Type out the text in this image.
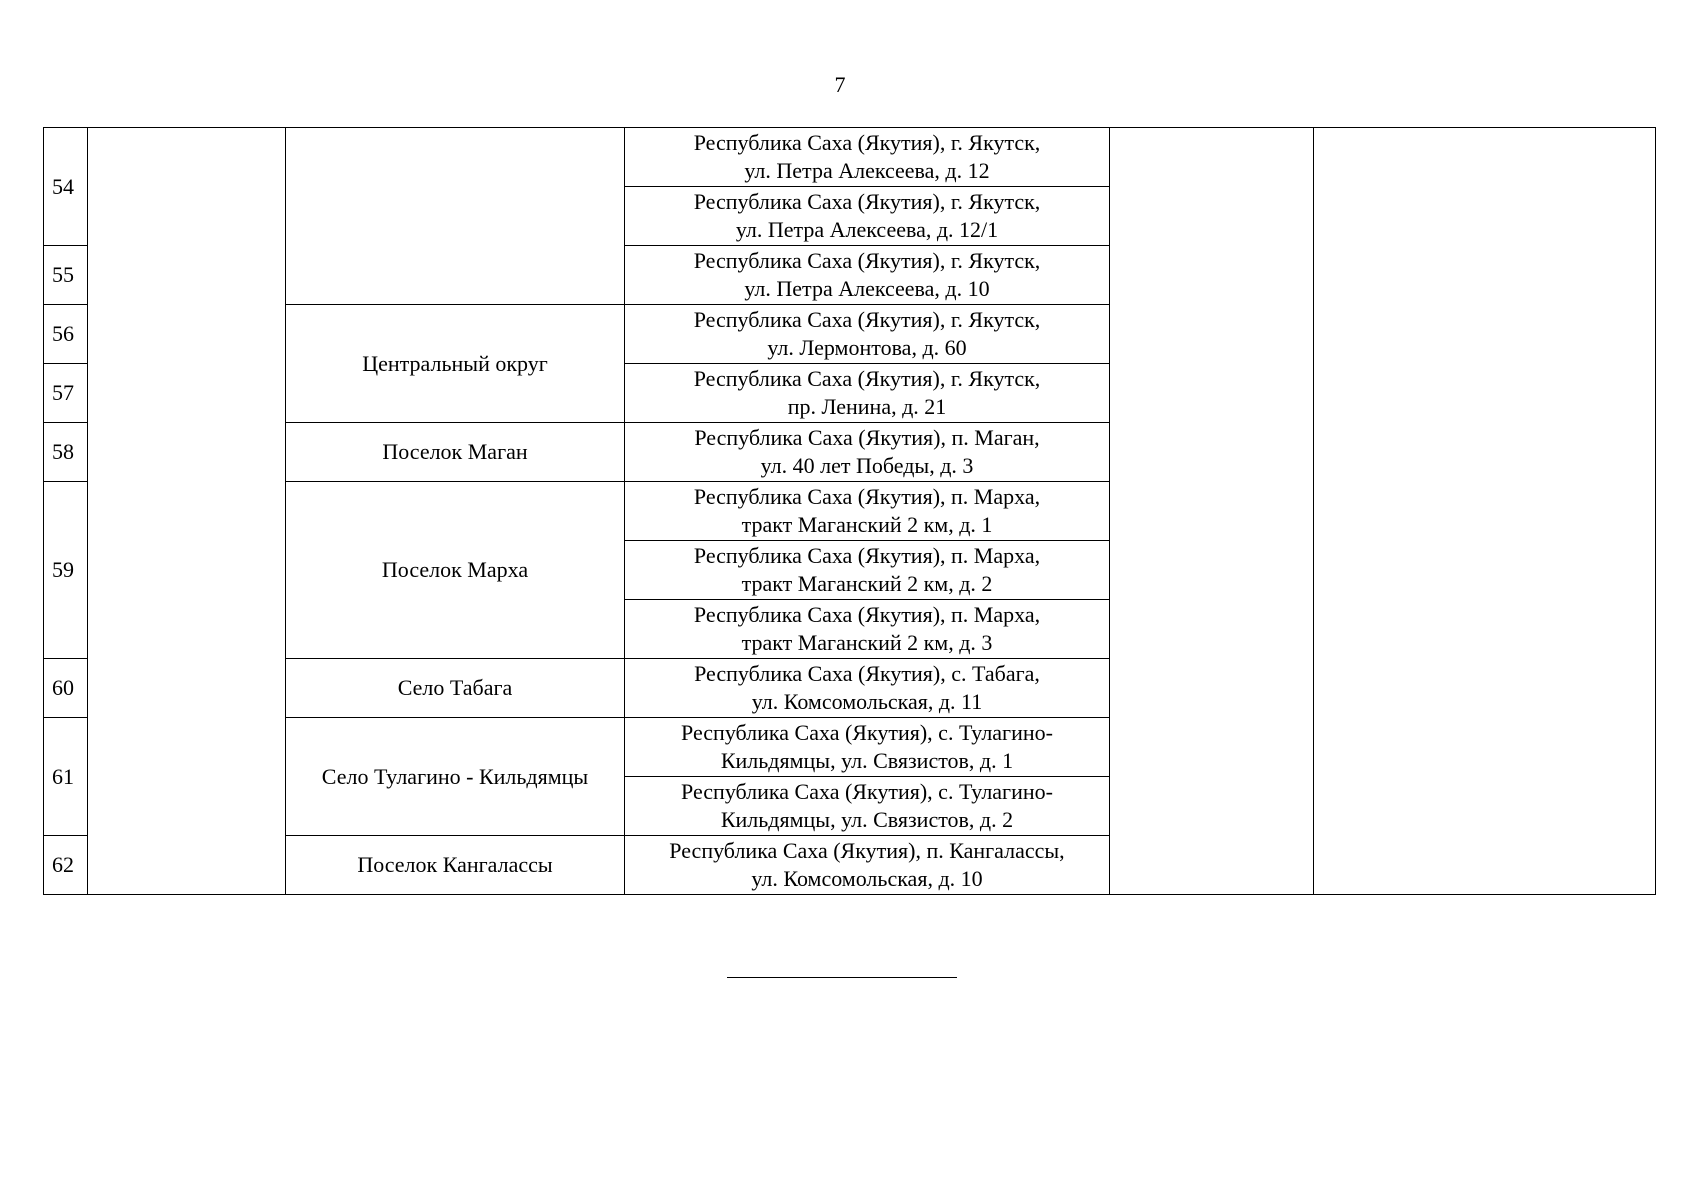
7
54			Республика Саха (Якутия), г. Якутск,
ул. Петра Алексеева, д. 12		

			Республика Саха (Якутия), г. Якутск,
ул. Петра Алексеева, д. 12/1		

55			Республика Саха (Якутия), г. Якутск,
ул. Петра Алексеева, д. 10		

56		Центральный округ	Республика Саха (Якутия), г. Якутск,
ул. Лермонтова, д. 60		

57			Республика Саха (Якутия), г. Якутск,
пр. Ленина, д. 21		

58		Поселок Маган	Республика Саха (Якутия), п. Маган,
ул. 40 лет Победы, д. 3		

59		Поселок Марха	Республика Саха (Якутия), п. Марха,
тракт Маганский 2 км, д. 1		

			Республика Саха (Якутия), п. Марха,
тракт Маганский 2 км, д. 2		

			Республика Саха (Якутия), п. Марха,
тракт Маганский 2 км, д. 3		

60		Село Табага	Республика Саха (Якутия), с. Табага,
ул. Комсомольская, д. 11		

61		Село Тулагино - Кильдямцы	Республика Саха (Якутия), с. Тулагино-
Кильдямцы, ул. Связистов, д. 1		

			Республика Саха (Якутия), с. Тулагино-
Кильдямцы, ул. Связистов, д. 2		

62		Поселок Кангалассы	Республика Саха (Якутия), п. Кангалассы,
ул. Комсомольская, д. 10		
